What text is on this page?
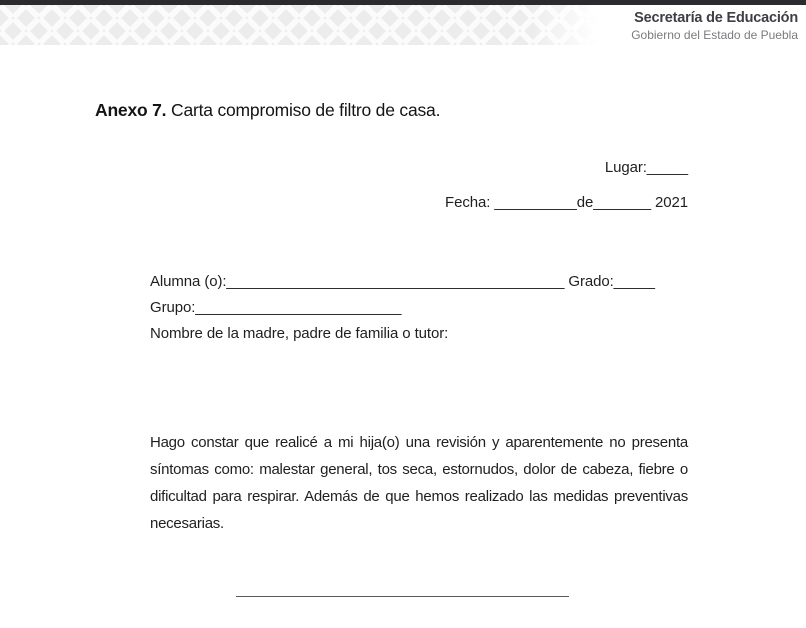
Secretaría de Educación
Gobierno del Estado de Puebla
Anexo 7. Carta compromiso de filtro de casa.
Lugar:_____
Fecha: __________de_______ 2021
Alumna (o):_________________________________________ Grado:_____
Grupo:_________________________
Nombre de la madre, padre de familia o tutor:
Hago constar que realicé a mi hija(o) una revisión y aparentemente no presenta
síntomas como: malestar general, tos seca, estornudos, dolor de cabeza, fiebre o
dificultad para respirar. Además de que hemos realizado las medidas preventivas
necesarias.
